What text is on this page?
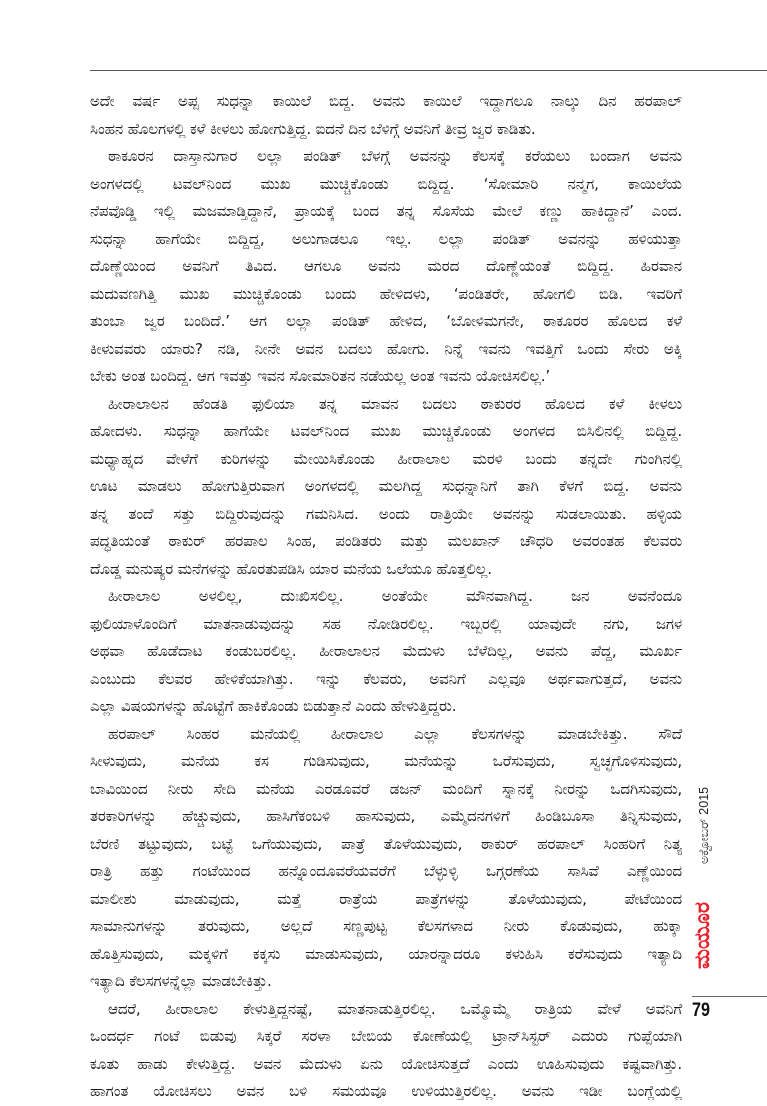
ಅದೇ ವರ್ಷ ಅಪ್ಪ ಸುಧನ್ನಾ ಕಾಯಿಲೆ ಬಿದ್ದ. ಅವನು ಕಾಯಿಲೆ ಇದ್ದಾಗಲೂ ನಾಲ್ಕು ದಿನ ಹರಪಾಲ್
ಸಿಂಹನ ಹೊಲಗಳಲ್ಲಿ ಕಳೆ ಕೀಳಲು ಹೋಗುತ್ತಿದ್ದ. ಐದನೆ ದಿನ ಬೆಳಿಗ್ಗೆ ಅವನಿಗೆ ತೀವ್ರ ಜ್ವರ ಕಾಡಿತು.
ಠಾಕೂರನ ದಾಸ್ತಾನುಗಾರ ಲಲ್ಲಾ ಪಂಡಿತ್ ಬೆಳಗ್ಗೆ ಅವನನ್ನು ಕೆಲಸಕ್ಕೆ ಕರೆಯಲು ಬಂದಾಗ ಅವನು
ಅಂಗಳದಲ್ಲಿ ಟವಲ್‌ನಿಂದ ಮುಖ ಮುಚ್ಚಿಕೊಂಡು ಬಿದ್ದಿದ್ದ. ‘ಸೋಮಾರಿ ನನ್ಮಗ, ಕಾಯಿಲೆಯ
ನೆಪವೊಡ್ಡಿ ಇಲ್ಲಿ ಮಜಮಾಡ್ತಿದ್ದಾನೆ, ಪ್ರಾಯಕ್ಕೆ ಬಂದ ತನ್ನ ಸೊಸೆಯ ಮೇಲೆ ಕಣ್ಣು ಹಾಕಿದ್ದಾನೆ’ ಎಂದ.
ಸುಧನ್ನಾ ಹಾಗೆಯೇ ಬಿದ್ದಿದ್ದ, ಅಲುಗಾಡಲೂ ಇಲ್ಲ. ಲಲ್ಲಾ ಪಂಡಿತ್ ಅವನನ್ನು ಹಳಿಯುತ್ತಾ
ದೊಣ್ಣೆಯಿಂದ ಅವನಿಗೆ ತಿವಿದ. ಆಗಲೂ ಅವನು ಮರದ ದೊಣ್ಣೆಯಂತೆ ಬಿದ್ದಿದ್ದ. ಹಿರವಾನ
ಮದುವಣಗಿತ್ತಿ ಮುಖ ಮುಚ್ಚಿಕೊಂಡು ಬಂದು ಹೇಳಿದಳು, ‘ಪಂಡಿತರೇ, ಹೋಗಲಿ ಬಿಡಿ. ಇವರಿಗೆ
ತುಂಬಾ ಜ್ವರ ಬಂದಿದೆ.’ ಆಗ ಲಲ್ಲಾ ಪಂಡಿತ್ ಹೇಳಿದ, ‘ಬೋಳಿಮಗನೇ, ಠಾಕೂರರ ಹೊಲದ ಕಳೆ
ಕೀಳುವವರು ಯಾರು? ನಡಿ, ನೀನೇ ಅವನ ಬದಲು ಹೋಗು. ನಿನ್ನೆ ಇವನು ಇವತ್ತಿಗೆ ಒಂದು ಸೇರು ಅಕ್ಕಿ
ಬೇಕು ಅಂತ ಬಂದಿದ್ದ. ಆಗ ಇವತ್ತು ಇವನ ಸೋಮಾರಿತನ ನಡೆಯಲ್ಲ ಅಂತ ಇವನು ಯೋಚಿಸಲಿಲ್ಲ.’
ಹೀರಾಲಾಲನ ಹೆಂಡತಿ ಫುಲಿಯಾ ತನ್ನ ಮಾವನ ಬದಲು ಠಾಕುರರ ಹೊಲದ ಕಳೆ ಕೀಳಲು
ಹೋದಳು. ಸುಧನ್ನಾ ಹಾಗೆಯೇ ಟವಲ್‌ನಿಂದ ಮುಖ ಮುಚ್ಚಿಕೊಂಡು ಅಂಗಳದ ಬಿಸಿಲಿನಲ್ಲಿ ಬಿದ್ದಿದ್ದ.
ಮಧ್ಯಾಹ್ನದ ವೇಳೆಗೆ ಕುರಿಗಳನ್ನು ಮೇಯಿಸಿಕೊಂಡು ಹೀರಾಲಾಲ ಮರಳಿ ಬಂದು ತನ್ನದೇ ಗುಂಗಿನಲ್ಲಿ
ಊಟ ಮಾಡಲು ಹೋಗುತ್ತಿರುವಾಗ ಅಂಗಳದಲ್ಲಿ ಮಲಗಿದ್ದ ಸುಧನ್ನಾನಿಗೆ ತಾಗಿ ಕೆಳಗೆ ಬಿದ್ದ. ಅವನು
ತನ್ನ ತಂದೆ ಸತ್ತು ಬಿದ್ದಿರುವುದನ್ನು ಗಮನಿಸಿದ. ಅಂದು ರಾತ್ರಿಯೇ ಅವನನ್ನು ಸುಡಲಾಯಿತು. ಹಳ್ಳಿಯ
ಪದ್ಧತಿಯಂತೆ ಠಾಕುರ್ ಹರಪಾಲ ಸಿಂಹ, ಪಂಡಿತರು ಮತ್ತು ಮಲಖಾನ್ ಚೌಧರಿ ಅವರಂತಹ ಕೆಲವರು
ದೊಡ್ಡ ಮನುಷ್ಯರ ಮನೆಗಳನ್ನು ಹೊರತುಪಡಿಸಿ ಯಾರ ಮನೆಯ ಒಲೆಯೂ ಹೊತ್ತಲಿಲ್ಲ.
ಹೀರಾಲಾಲ ಅಳಲಿಲ್ಲ, ದುಃಖಿಸಲಿಲ್ಲ. ಅಂತೆಯೇ ಮೌನವಾಗಿದ್ದ. ಜನ ಅವನೆಂದೂ
ಫುಲಿಯಾಳೊಂದಿಗೆ ಮಾತನಾಡುವುದನ್ನು ಸಹ ನೋಡಿರಲಿಲ್ಲ. ಇಬ್ಬರಲ್ಲಿ ಯಾವುದೇ ನಗು, ಜಗಳ
ಅಥವಾ ಹೊಡೆದಾಟ ಕಂಡುಬರಲಿಲ್ಲ. ಹೀರಾಲಾಲನ ಮೆದುಳು ಬೆಳೆದಿಲ್ಲ, ಅವನು ಪೆದ್ದ, ಮೂರ್ಖ
ಎಂಬುದು ಕೆಲವರ ಹೇಳಿಕೆಯಾಗಿತ್ತು. ಇನ್ನು ಕೆಲವರು, ಅವನಿಗೆ ಎಲ್ಲವೂ ಅರ್ಥವಾಗುತ್ತದೆ, ಅವನು
ಎಲ್ಲಾ ವಿಷಯಗಳನ್ನು ಹೊಟ್ಟೆಗೆ ಹಾಕಿಕೊಂಡು ಬಿಡುತ್ತಾನೆ ಎಂದು ಹೇಳುತ್ತಿದ್ದರು.
ಹರಪಾಲ್ ಸಿಂಹರ ಮನೆಯಲ್ಲಿ ಹೀರಾಲಾಲ ಎಲ್ಲಾ ಕೆಲಸಗಳನ್ನು ಮಾಡಬೇಕಿತ್ತು. ಸೌದೆ
ಸೀಳುವುದು, ಮನೆಯ ಕಸ ಗುಡಿಸುವುದು, ಮನೆಯನ್ನು ಒರೆಸುವುದು, ಸ್ವಚ್ಛಗೊಳಿಸುವುದು,
ಬಾವಿಯಿಂದ ನೀರು ಸೇದಿ ಮನೆಯ ಎರಡೂವರೆ ಡಜನ್ ಮಂದಿಗೆ ಸ್ನಾನಕ್ಕೆ ನೀರನ್ನು ಒದಗಿಸುವುದು,
ತರಕಾರಿಗಳನ್ನು ಹೆಚ್ಚುವುದು, ಹಾಸಿಗೆಕಂಬಳಿ ಹಾಸುವುದು, ಎಮ್ಮೆದನಗಳಿಗೆ ಹಿಂಡಿಬೂಸಾ ತಿನ್ನಿಸುವುದು,
ಬೆರಣಿ ತಟ್ಟುವುದು, ಬಟ್ಟೆ ಒಗೆಯುವುದು, ಪಾತ್ರೆ ತೊಳೆಯುವುದು, ಠಾಕುರ್ ಹರಪಾಲ್ ಸಿಂಹರಿಗೆ ನಿತ್ಯ
ರಾತ್ರಿ ಹತ್ತು ಗಂಟೆಯಿಂದ ಹನ್ನೊಂದೂವರೆಯವರೆಗೆ ಬೆಳ್ಳುಳ್ಳಿ ಒಗ್ಗರಣೆಯ ಸಾಸಿವೆ ಎಣ್ಣೆಯಿಂದ
ಮಾಲೀಶು ಮಾಡುವುದು, ಮತ್ತೆ ರಾತ್ರೆಯ ಪಾತ್ರೆಗಳನ್ನು ತೊಳೆಯುವುದು, ಪೇಟೆಯಿಂದ
ಸಾಮಾನುಗಳನ್ನು ತರುವುದು, ಅಲ್ಲದೆ ಸಣ್ಣಪುಟ್ಟ ಕೆಲಸಗಳಾದ ನೀರು ಕೊಡುವುದು, ಹುಕ್ಕಾ
ಹೊತ್ತಿಸುವುದು, ಮಕ್ಕಳಿಗೆ ಕಕ್ಕಸು ಮಾಡುಸುವುದು, ಯಾರನ್ನಾದರೂ ಕಳುಹಿಸಿ ಕರೆಸುವುದು ಇತ್ಯಾದಿ
ಇತ್ಯಾದಿ ಕೆಲಸಗಳನ್ನೆಲ್ಲಾ ಮಾಡಬೇಕಿತ್ತು.
ಆದರೆ, ಹೀರಾಲಾಲ ಕೇಳುತ್ತಿದ್ದನಷ್ಟೆ, ಮಾತನಾಡುತ್ತಿರಲಿಲ್ಲ. ಒಮ್ಮೊಮ್ಮೆ ರಾತ್ರಿಯ ವೇಳೆ ಅವನಿಗೆ
ಒಂದರ್ಧ ಗಂಟೆ ಬಿಡುವು ಸಿಕ್ಕರೆ ಸರಳಾ ಬೇಬಿಯ ಕೋಣೆಯಲ್ಲಿ ಟ್ರಾನ್‌ಸಿಸ್ಟರ್ ಎದುರು ಗುಪ್ಪೆಯಾಗಿ
ಕೂತು ಹಾಡು ಕೇಳುತ್ತಿದ್ದ. ಅವನ ಮೆದುಳು ಏನು ಯೋಚಿಸುತ್ತದೆ ಎಂದು ಊಹಿಸುವುದು ಕಷ್ಟವಾಗಿತ್ತು.
ಹಾಗಂತ ಯೋಚಿಸಲು ಅವನ ಬಳಿ ಸಮಯವೂ ಉಳಿಯುತ್ತಿರಲಿಲ್ಲ. ಅವನು ಇಡೀ ಬಂಗ್ಲೆಯಲ್ಲಿ
ಅಕ್ಟೋಬರ್ 2015
ಮಯೂರ
79
